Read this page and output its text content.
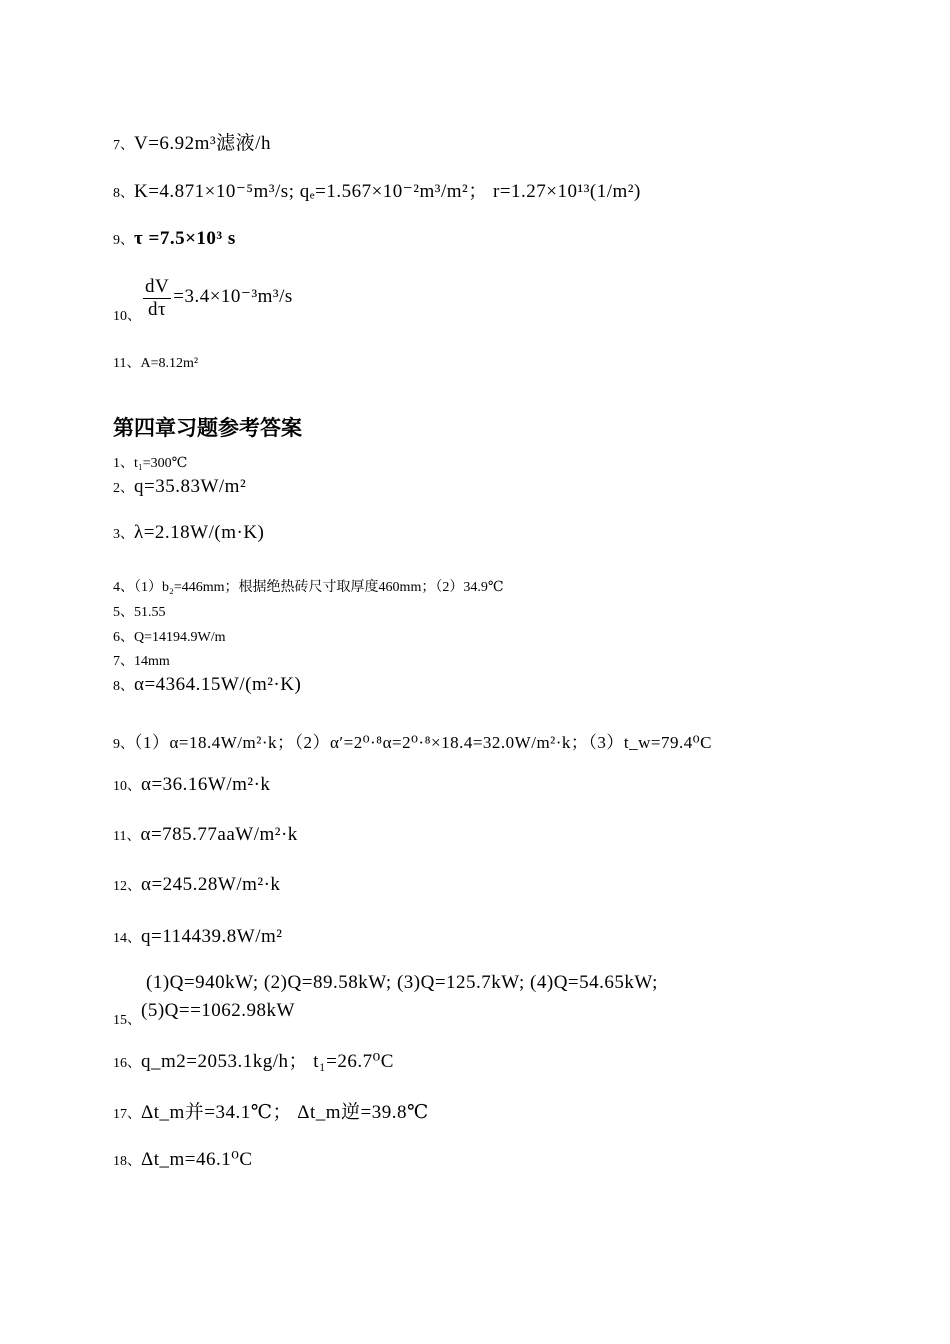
7、V=6.92m³滤液/h
8、K=4.871×10⁻⁵m³/s; qₑ=1.567×10⁻²m³/m²； r=1.27×10¹³(1/m²)
9、τ =7.5×10³ s
10、 $\frac{dV}{d\tau} =3.4\times 10^{-3}m^3/s$
11、A=8.12m²
第四章习题参考答案
1、t₁=300℃
2、q=35.83W/m²
3、λ=2.18W/(m·K)
4、（1）b₂=446mm；根据绝热砖尺寸取厚度460mm；（2）34.9℃
5、51.55
6、Q=14194.9W/m
7、14mm
8、α=4364.15W/(m²·K)
9、（1）α=18.4W/m²·k；（2）α′=2⁰·⁸α=2⁰·⁸×18.4=32.0W/m²·k；（3）t_w=79.4⁰C
10、α=36.16W/m²·k
11、α=785.77aaW/m²·k
12、α=245.28W/m²·k
14、q=114439.8W/m²
(1)Q=940kW; (2)Q=89.58kW; (3)Q=125.7kW; (4)Q=54.65kW;
15、(5)Q==1062.98kW
16、q_m2=2053.1kg/h； t₁=26.7⁰C
17、Δt_m并=34.1℃； Δt_m逆=39.8℃
18、Δt_m=46.1⁰C
